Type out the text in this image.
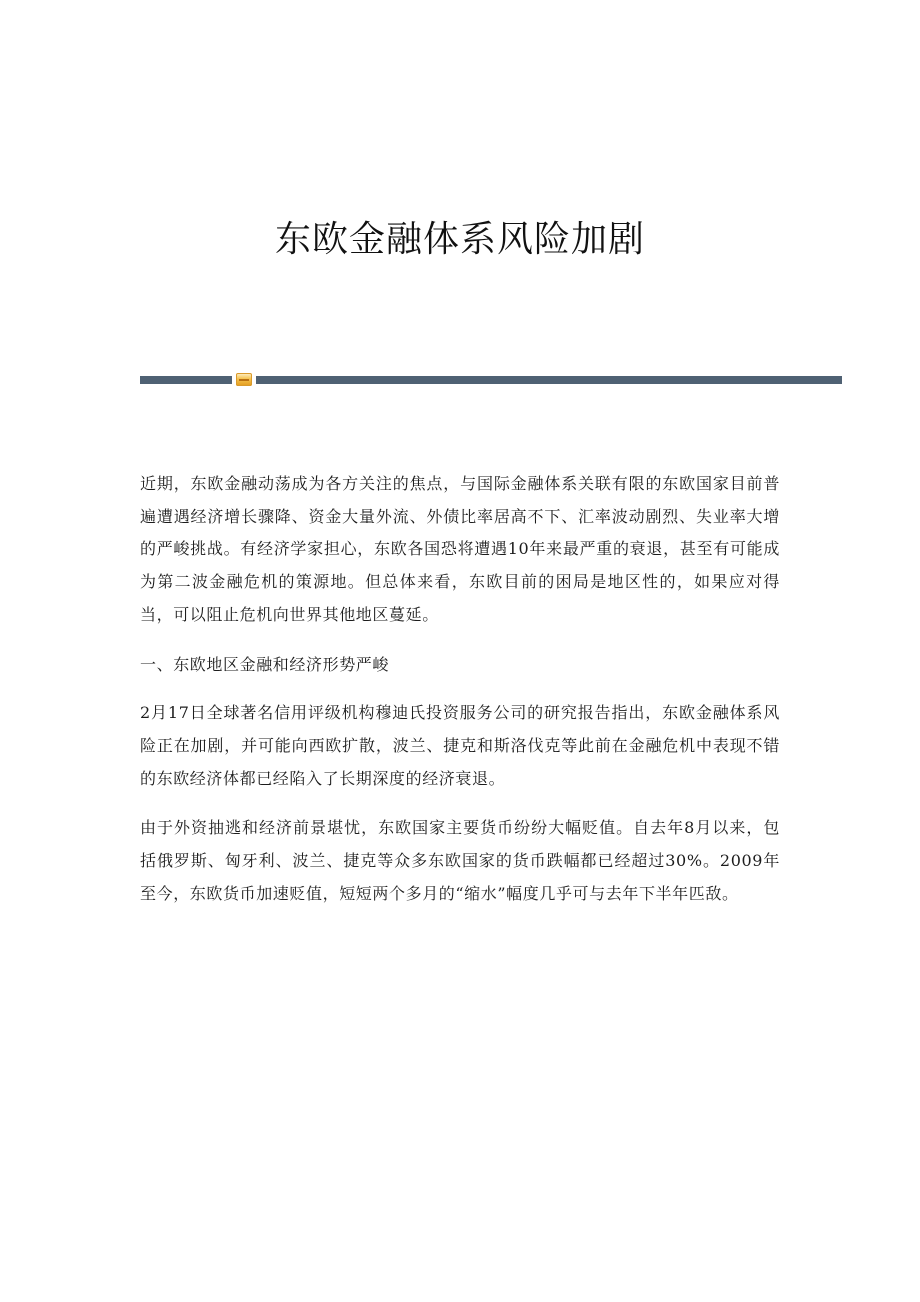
东欧金融体系风险加剧

近期，东欧金融动荡成为各方关注的焦点，与国际金融体系关联有限的东欧国家目前普遍遭遇经济增长骤降、资金大量外流、外债比率居高不下、汇率波动剧烈、失业率大增的严峻挑战。有经济学家担心，东欧各国恐将遭遇10年来最严重的衰退，甚至有可能成为第二波金融危机的策源地。但总体来看，东欧目前的困局是地区性的，如果应对得当，可以阻止危机向世界其他地区蔓延。

一、东欧地区金融和经济形势严峻

2月17日全球著名信用评级机构穆迪氏投资服务公司的研究报告指出，东欧金融体系风险正在加剧，并可能向西欧扩散，波兰、捷克和斯洛伐克等此前在金融危机中表现不错的东欧经济体都已经陷入了长期深度的经济衰退。

由于外资抽逃和经济前景堪忧，东欧国家主要货币纷纷大幅贬值。自去年8月以来，包括俄罗斯、匈牙利、波兰、捷克等众多东欧国家的货币跌幅都已经超过30%。2009年至今，东欧货币加速贬值，短短两个多月的“缩水”幅度几乎可与去年下半年匹敌。
